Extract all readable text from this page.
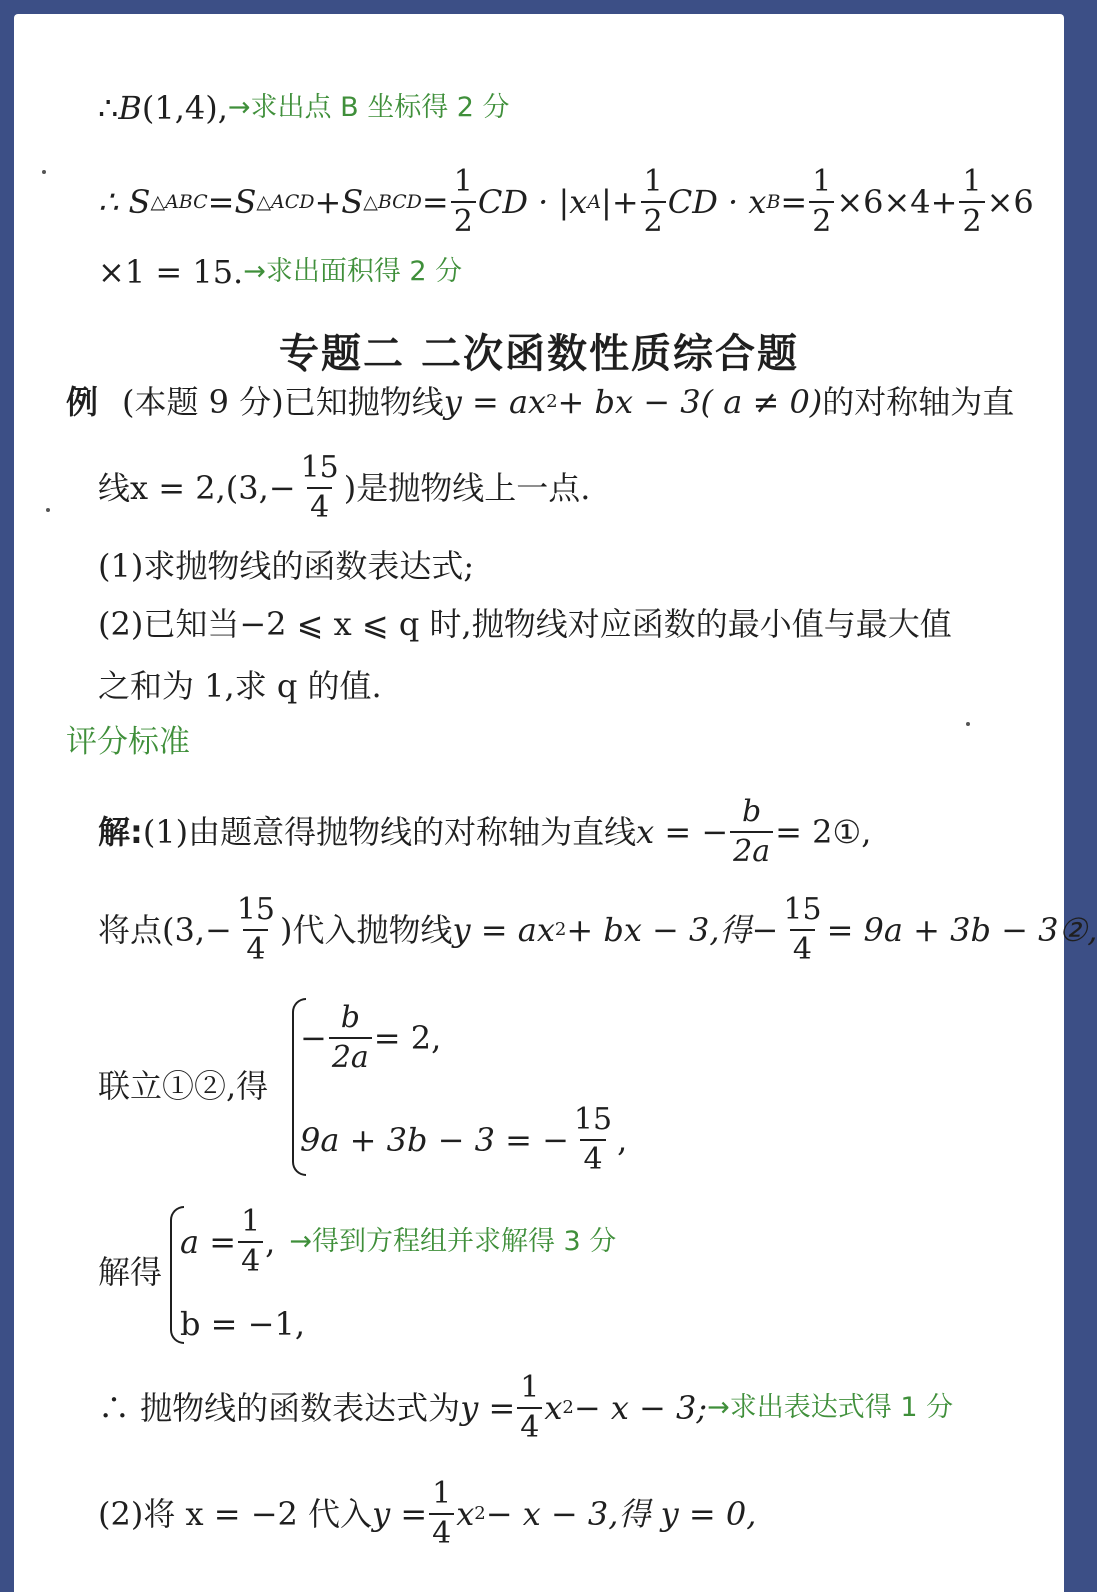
∴ B (1,4), →求出点 B 坐标得 2 分
∴ S △ABC =S △ACD +S △BCD = $\frac{1}{2}$ CD · |x A |+ $\frac{1}{2}$ CD · x $B = \frac{1}{2} \times 6\times 4+ \frac{1}{2} \times 6$
×1 = 15. →求出面积得 2 分
专题二 二次函数性质综合题
例 (本题 9 分)已知抛物线 y = ax 2 + bx − 3( a ≠ 0) 的对称轴为直
线$x = 2,(3,- \frac{15}{4}$ )是抛物线上一点.
(1)求抛物线的函数表达式;
(2)已知当−2 ⩽ x ⩽ q 时,抛物线对应函数的最小值与最大值
之和为 1,求 q 的值.
评分标准
解: (1)由题意得抛物线的对称轴为直线 x = − $\frac{b}{2a}$ = 2①,
将点($3,- \frac{15}{4}$ )代入抛物线 y = ax 2 + bx − 3,得− $\frac{15}{4} = 9a + 3b$ − 3②,
联立①②,得
− $\frac{b}{2a} = 2$,
9a + 3b − 3 = − $\frac{15}{4}$ ,
解得
$a = \frac{1}{4}$ , →得到方程组并求解得 3 分
b = −1,
∴ 抛物线的函数表达式为 $y = \frac{1}{4}$ x 2 − x − 3; →求出表达式得 1 分
(2)将 x = −2 代入 $y = \frac{1}{4}$ x 2 − x − 3,得 y = 0,
